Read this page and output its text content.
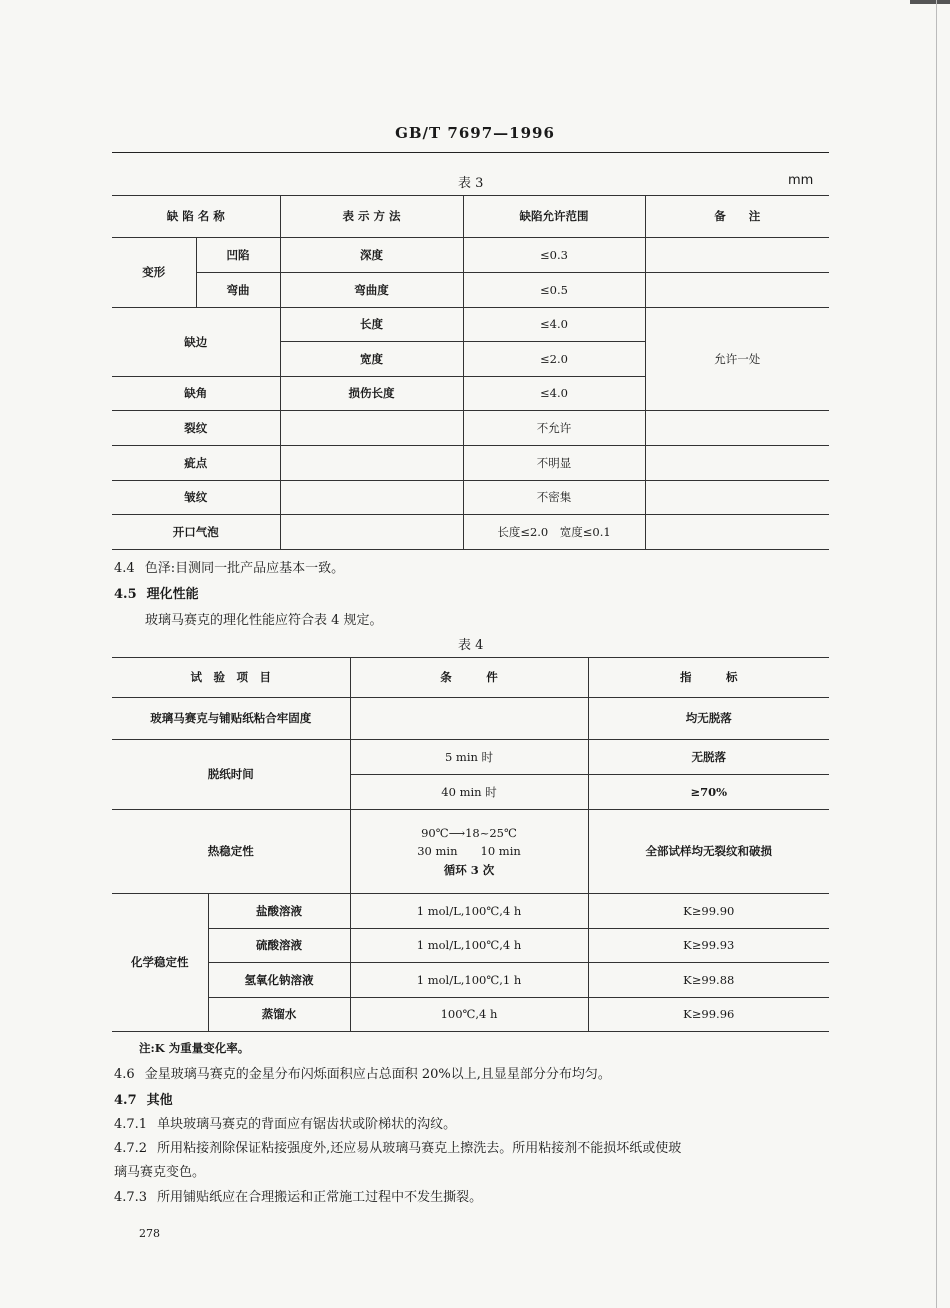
GB/T 7697—1996
表 3	mm
缺 陷 名 称		表 示 方 法	缺陷允许范围	备　　注
变形	凹陷	深度	≤0.3	
	弯曲	弯曲度	≤0.5	
缺边		长度	≤4.0	允许一处
		宽度	≤2.0	
缺角		损伤长度	≤4.0	
裂纹			不允许	
疵点			不明显	
皱纹			不密集	
开口气泡			长度≤2.0　宽度≤0.1	
4.4 色泽:目测同一批产品应基本一致。
4.5 理化性能
玻璃马赛克的理化性能应符合表 4 规定。
表 4
试　验　项　目		条　　　件	指　　　标
玻璃马赛克与铺贴纸粘合牢固度			均无脱落
脱纸时间		5 min 时	无脱落
		40 min 时	≥70%
热稳定性		90℃⟶18~25℃
30 min　　10 min
循环 3 次	全部试样均无裂纹和破损
化学稳定性	盐酸溶液	1 mol/L,100℃,4 h	K≥99.90
	硫酸溶液	1 mol/L,100℃,4 h	K≥99.93
	氢氧化钠溶液	1 mol/L,100℃,1 h	K≥99.88
	蒸馏水	100℃,4 h	K≥99.96
注:K 为重量变化率。
4.6 金星玻璃马赛克的金星分布闪烁面积应占总面积 20%以上,且显星部分分布均匀。
4.7 其他
4.7.1 单块玻璃马赛克的背面应有锯齿状或阶梯状的沟纹。
4.7.2 所用粘接剂除保证粘接强度外,还应易从玻璃马赛克上擦洗去。所用粘接剂不能损坏纸或使玻
璃马赛克变色。
4.7.3 所用铺贴纸应在合理搬运和正常施工过程中不发生撕裂。
278
